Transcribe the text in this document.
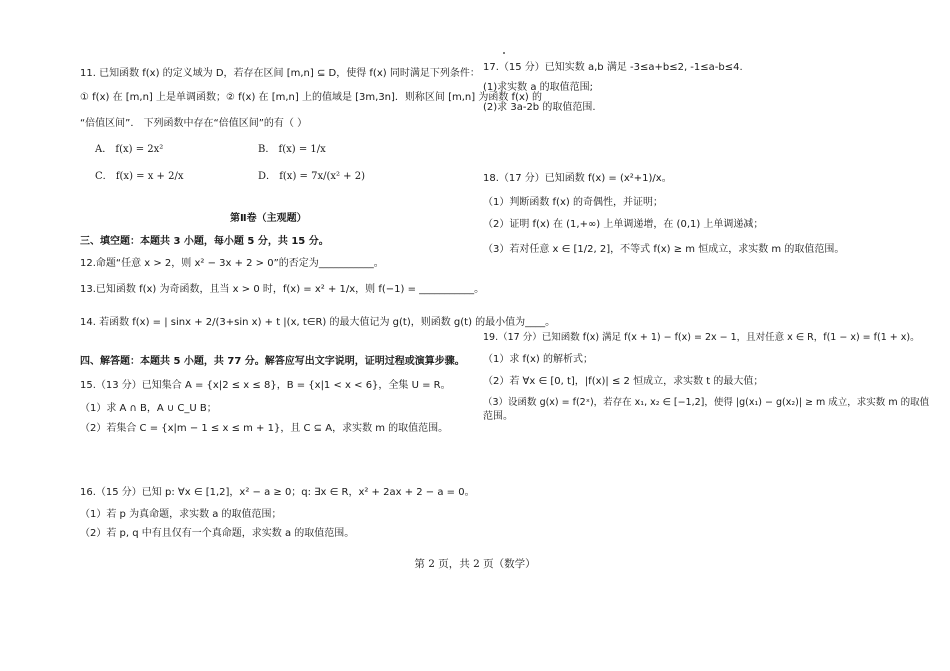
11. 已知函数 f(x) 的定义域为 D，若存在区间 [m,n] ⊆ D，使得 f(x) 同时满足下列条件：
① f(x) 在 [m,n] 上是单调函数；② f(x) 在 [m,n] 上的值域是 [3m,3n]．则称区间 [m,n] 为函数 f(x) 的
“倍值区间”． 下列函数中存在“倍值区间”的有（ ）
A． f(x) = 2x²	B． f(x) = 1/x
C． f(x) = x + 2/x	D． f(x) = 7x/(x² + 2)
第Ⅱ卷（主观题）
三、填空题：本题共 3 小题，每小题 5 分，共 15 分。
12.命题“任意 x > 2，则 x² − 3x + 2 > 0”的否定为___________。
13.已知函数 f(x) 为奇函数，且当 x > 0 时，f(x) = x² + 1/x，则 f(−1) = ___________。
14. 若函数 f(x) = | sinx + 2/(3+sin x) + t |(x, t∈R) 的最大值记为 g(t)，则函数 g(t) 的最小值为____。
四、解答题：本题共 5 小题，共 77 分。解答应写出文字说明，证明过程或演算步骤。
15.（13 分）已知集合 A = {x|2 ≤ x ≤ 8}，B = {x|1 < x < 6}，全集 U = R。
（1）求 A ∩ B，A ∪ C_U B；
（2）若集合 C = {x|m − 1 ≤ x ≤ m + 1}，且 C ⊆ A，求实数 m 的取值范围。
16.（15 分）已知 p: ∀x ∈ [1,2]，x² − a ≥ 0；q: ∃x ∈ R，x² + 2ax + 2 − a = 0。
（1）若 p 为真命题，求实数 a 的取值范围；
（2）若 p, q 中有且仅有一个真命题，求实数 a 的取值范围。
17.（15 分）已知实数 a,b 满足 -3≤a+b≤2, -1≤a-b≤4.
(1)求实数 a 的取值范围;
(2)求 3a-2b 的取值范围.
18.（17 分）已知函数 f(x) = (x²+1)/x。
（1）判断函数 f(x) 的奇偶性，并证明；
（2）证明 f(x) 在 (1,+∞) 上单调递增，在 (0,1) 上单调递减；
（3）若对任意 x ∈ [1/2, 2]，不等式 f(x) ≥ m 恒成立，求实数 m 的取值范围。
19.（17 分）已知函数 f(x) 满足 f(x + 1) − f(x) = 2x − 1，且对任意 x ∈ R，f(1 − x) = f(1 + x)。
（1）求 f(x) 的解析式；
（2）若 ∀x ∈ [0, t]，|f(x)| ≤ 2 恒成立，求实数 t 的最大值；
（3）设函数 g(x) = f(2ˣ)，若存在 x₁, x₂ ∈ [−1,2]，使得 |g(x₁) − g(x₂)| ≥ m 成立，求实数 m 的取值
范围。
第 2 页，共 2 页（数学）
